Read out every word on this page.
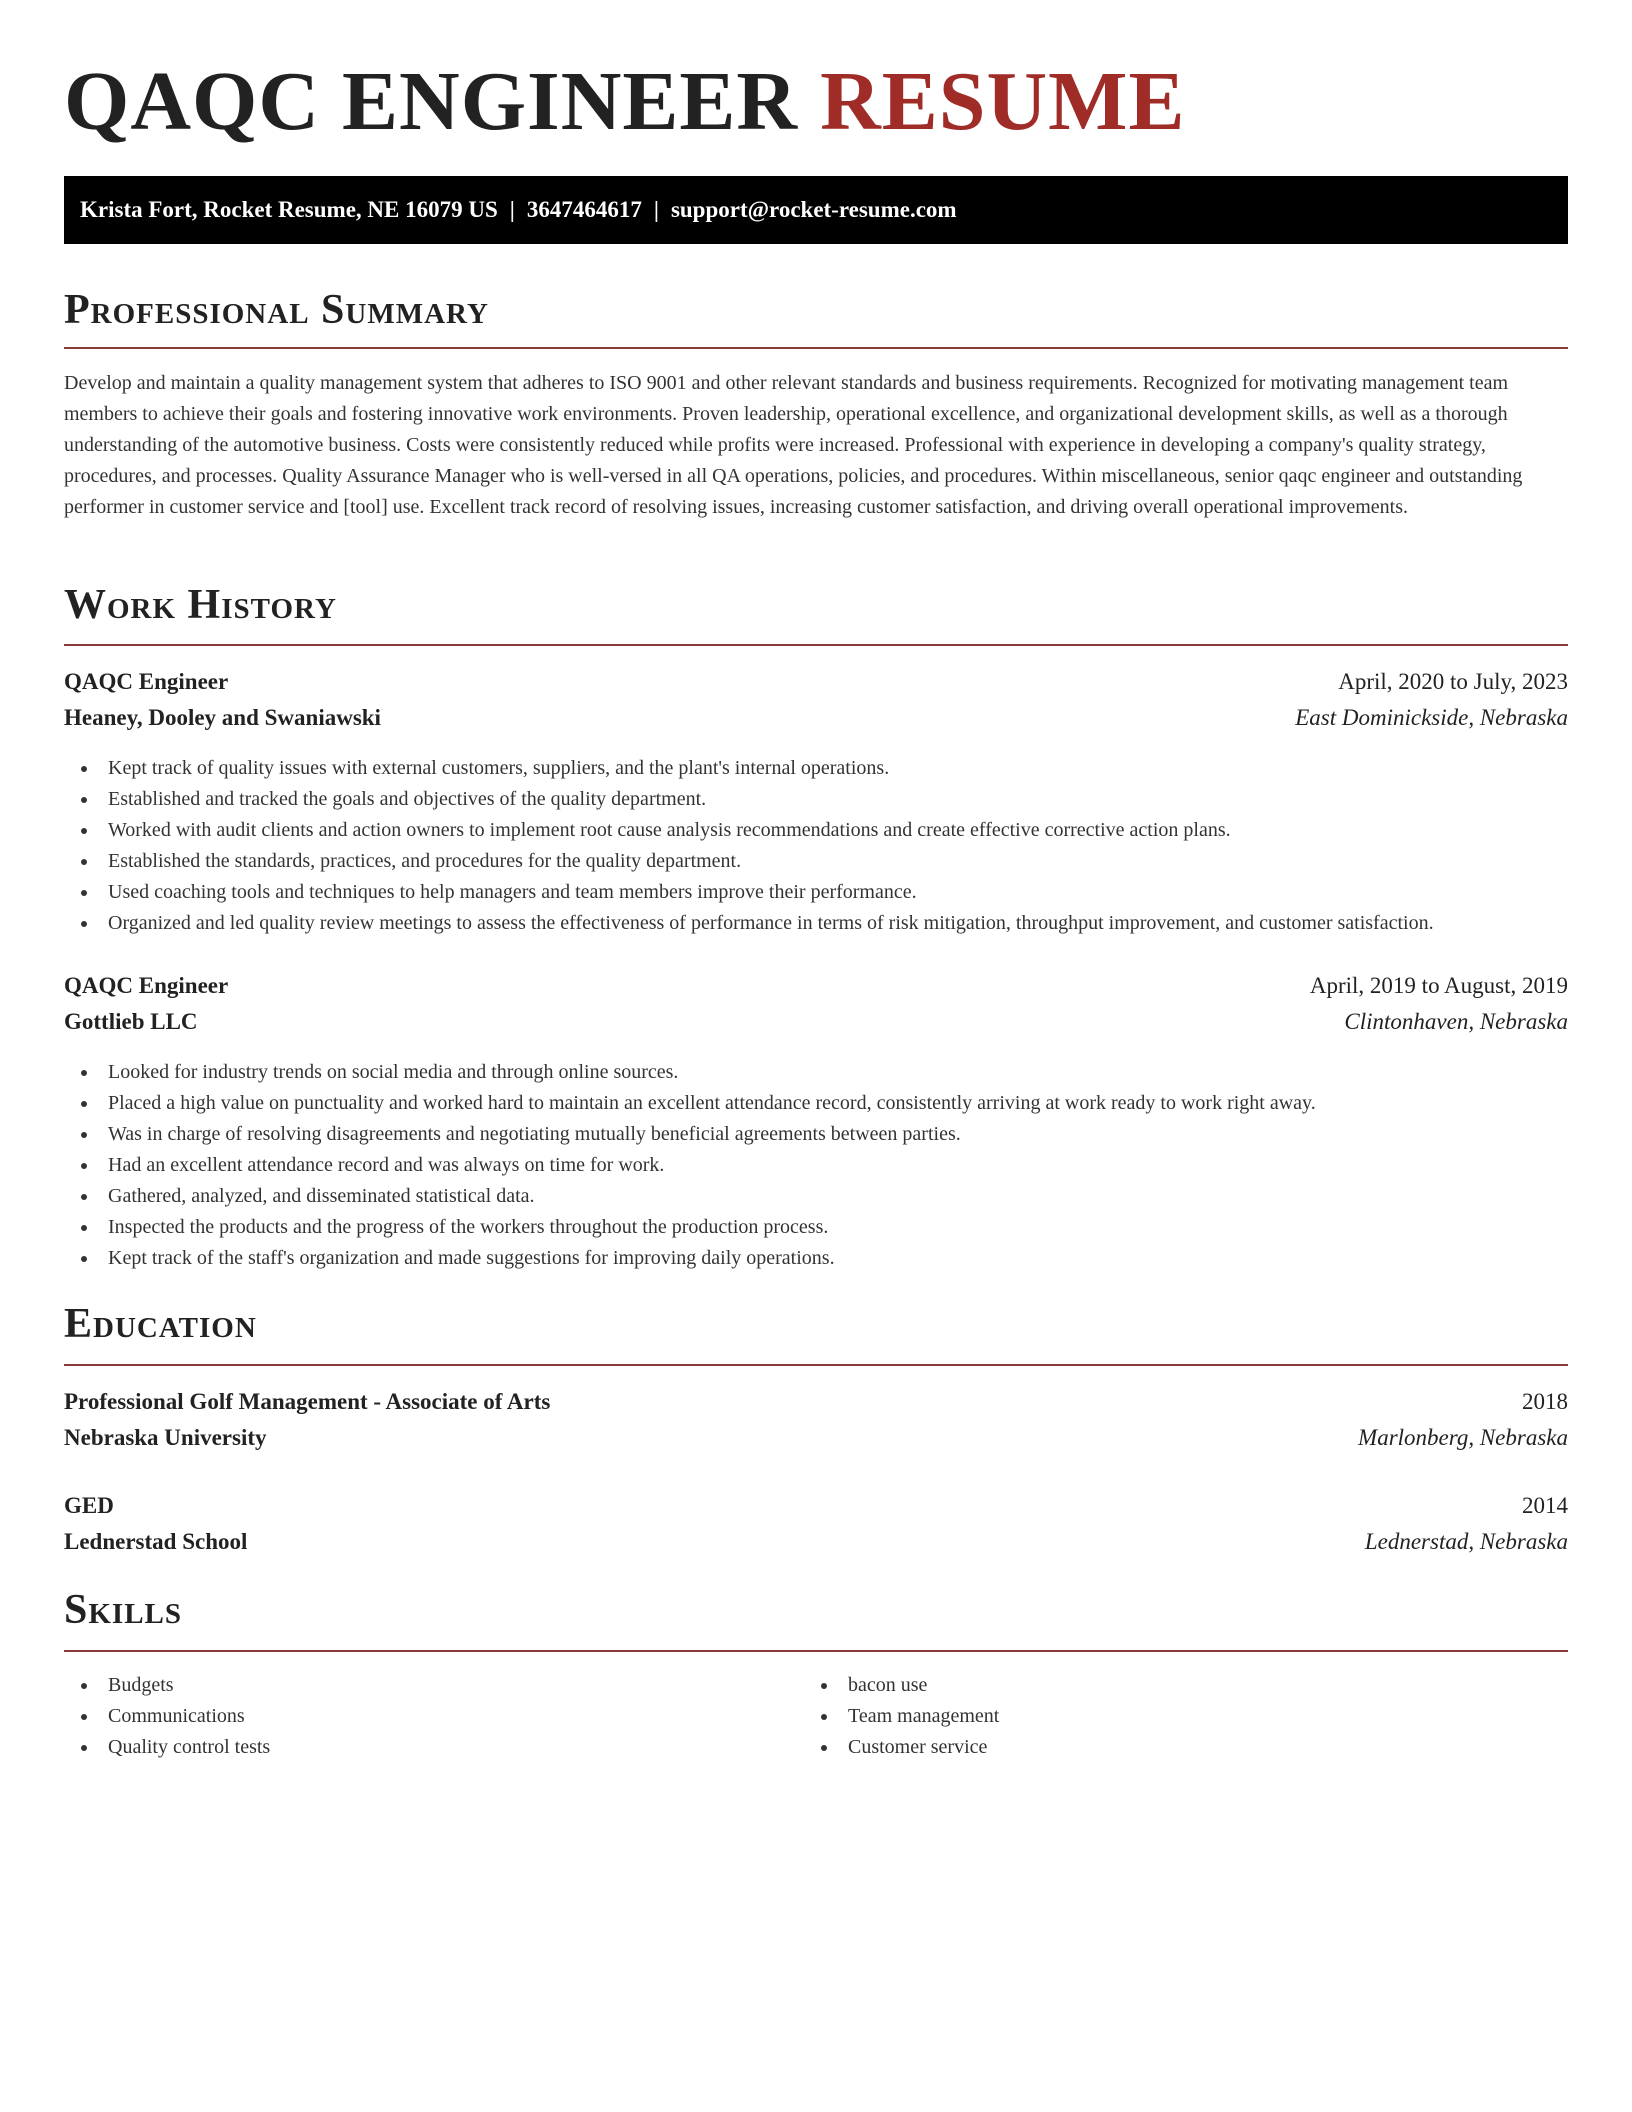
QAQC ENGINEER RESUME
Krista Fort, Rocket Resume, NE 16079 US | 3647464617 | support@rocket-resume.com
Professional Summary

Develop and maintain a quality management system that adheres to ISO 9001 and other relevant standards and business requirements. Recognized for motivating management team members to achieve their goals and fostering innovative work environments. Proven leadership, operational excellence, and organizational development skills, as well as a thorough understanding of the automotive business. Costs were consistently reduced while profits were increased. Professional with experience in developing a company's quality strategy, procedures, and processes. Quality Assurance Manager who is well-versed in all QA operations, policies, and procedures. Within miscellaneous, senior qaqc engineer and outstanding performer in customer service and [tool] use. Excellent track record of resolving issues, increasing customer satisfaction, and driving overall operational improvements.

Work History
QAQC Engineer	April, 2020 to July, 2023
Heaney, Dooley and Swaniawski	East Dominickside, Nebraska
Kept track of quality issues with external customers, suppliers, and the plant's internal operations.
Established and tracked the goals and objectives of the quality department.
Worked with audit clients and action owners to implement root cause analysis recommendations and create effective corrective action plans.
Established the standards, practices, and procedures for the quality department.
Used coaching tools and techniques to help managers and team members improve their performance.
Organized and led quality review meetings to assess the effectiveness of performance in terms of risk mitigation, throughput improvement, and customer satisfaction.
QAQC Engineer	April, 2019 to August, 2019
Gottlieb LLC	Clintonhaven, Nebraska
Looked for industry trends on social media and through online sources.
Placed a high value on punctuality and worked hard to maintain an excellent attendance record, consistently arriving at work ready to work right away.
Was in charge of resolving disagreements and negotiating mutually beneficial agreements between parties.
Had an excellent attendance record and was always on time for work.
Gathered, analyzed, and disseminated statistical data.
Inspected the products and the progress of the workers throughout the production process.
Kept track of the staff's organization and made suggestions for improving daily operations.
Education
Professional Golf Management - Associate of Arts	2018
Nebraska University	Marlonberg, Nebraska
GED	2014
Lednerstad School	Lednerstad, Nebraska
Skills
Budgets
Communications
Quality control tests
bacon use
Team management
Customer service
